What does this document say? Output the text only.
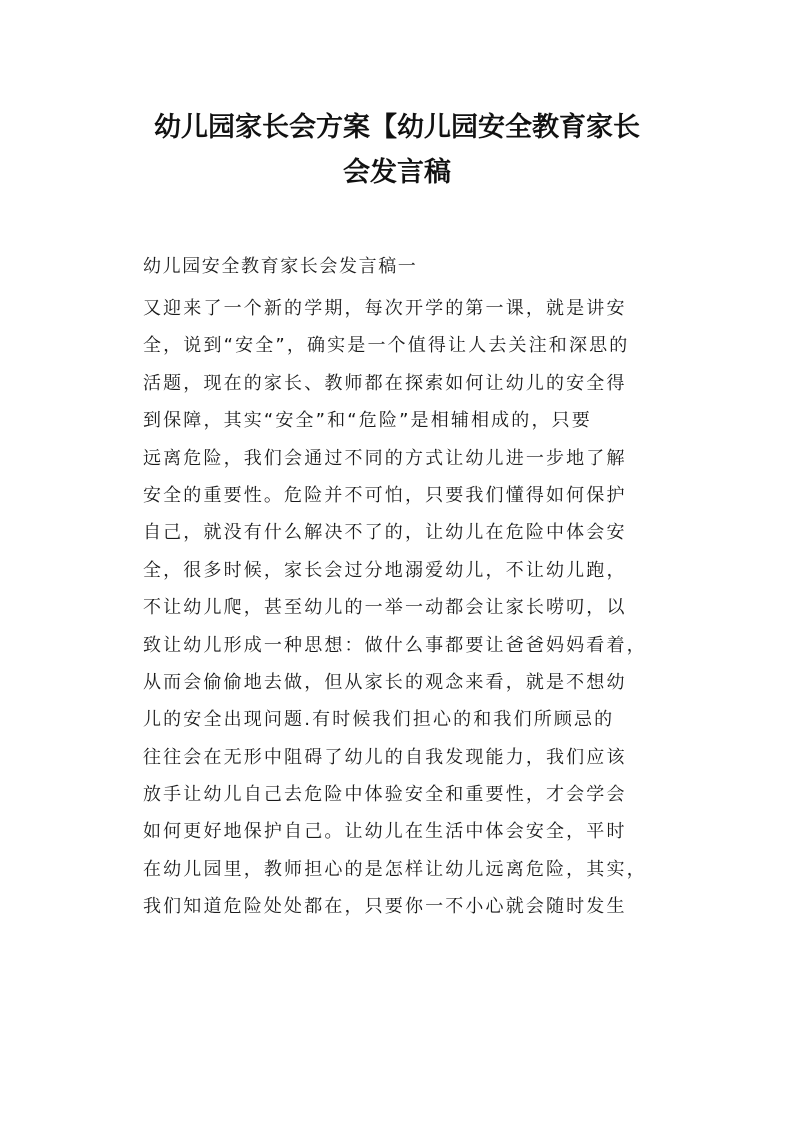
幼儿园家长会方案【幼儿园安全教育家长
会发言稿

幼儿园安全教育家长会发言稿一

又迎来了一个新的学期，每次开学的第一课，就是讲安
全，说到“安全”，确实是一个值得让人去关注和深思的
活题，现在的家长、教师都在探索如何让幼儿的安全得
到保障，其实“安全”和“危险”是相辅相成的，只要
远离危险，我们会通过不同的方式让幼儿进一步地了解
安全的重要性。危险并不可怕，只要我们懂得如何保护
自己，就没有什么解决不了的，让幼儿在危险中体会安
全，很多时候，家长会过分地溺爱幼儿，不让幼儿跑，
不让幼儿爬，甚至幼儿的一举一动都会让家长唠叨，以
致让幼儿形成一种思想：做什么事都要让爸爸妈妈看着，
从而会偷偷地去做，但从家长的观念来看，就是不想幼
儿的安全出现问题.有时候我们担心的和我们所顾忌的
往往会在无形中阻碍了幼儿的自我发现能力，我们应该
放手让幼儿自己去危险中体验安全和重要性，才会学会
如何更好地保护自己。让幼儿在生活中体会安全，平时
在幼儿园里，教师担心的是怎样让幼儿远离危险，其实，
我们知道危险处处都在，只要你一不小心就会随时发生
